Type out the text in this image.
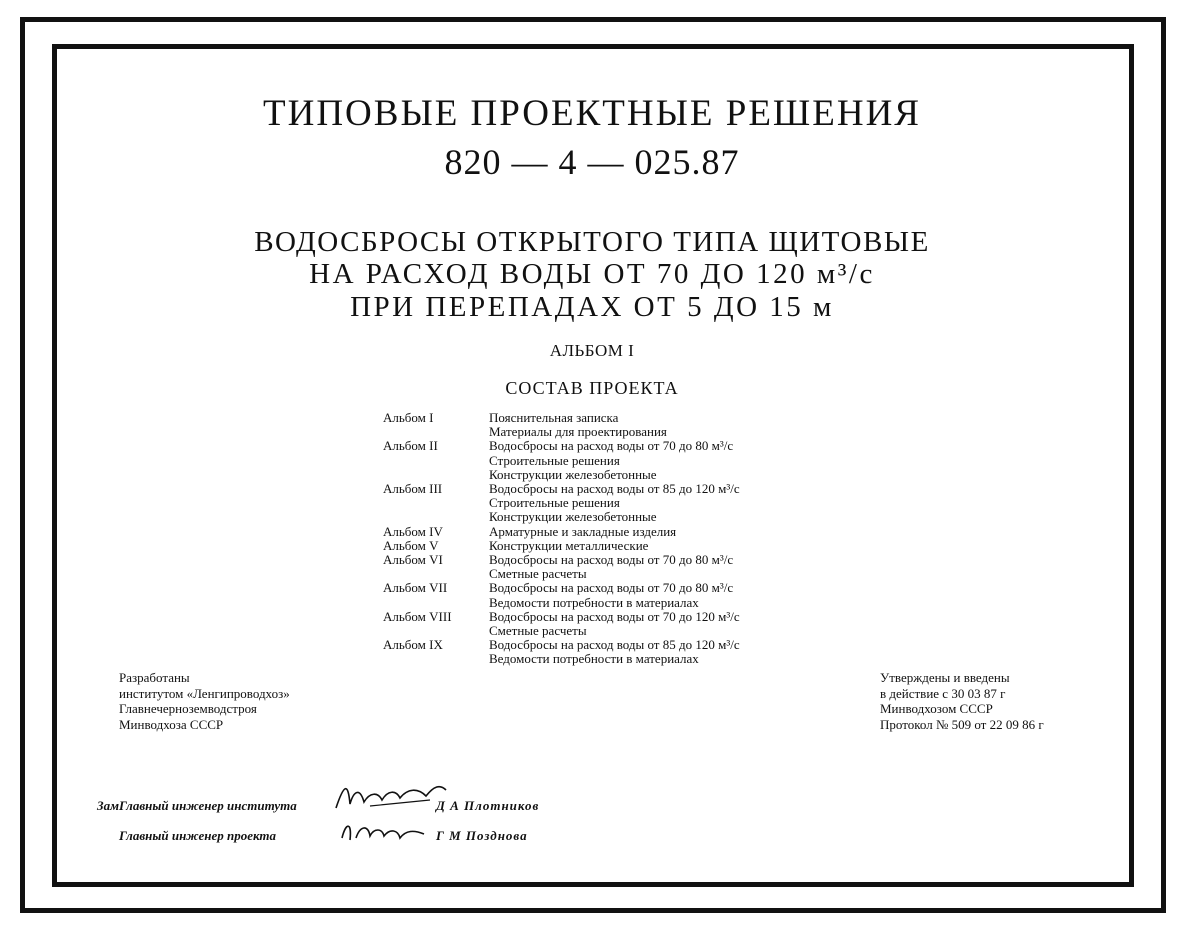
ТИПОВЫЕ ПРОЕКТНЫЕ РЕШЕНИЯ
820 — 4 — 025.87
ВОДОСБРОСЫ ОТКРЫТОГО ТИПА ЩИТОВЫЕ
НА РАСХОД ВОДЫ ОТ 70 ДО 120 м³/с
ПРИ ПЕРЕПАДАХ ОТ 5 ДО 15 м
АЛЬБОМ I
СОСТАВ ПРОЕКТА
Альбом I	Пояснительная записка
Материалы для проектирования
Альбом II	Водосбросы на расход воды от 70 до 80 м³/с
Строительные решения
Конструкции железобетонные
Альбом III	Водосбросы на расход воды от 85 до 120 м³/с
Строительные решения
Конструкции железобетонные
Альбом IV	Арматурные и закладные изделия
Альбом V	Конструкции металлические
Альбом VI	Водосбросы на расход воды от 70 до 80 м³/с
Сметные расчеты
Альбом VII	Водосбросы на расход воды от 70 до 80 м³/с
Ведомости потребности в материалах
Альбом VIII	Водосбросы на расход воды от 70 до 120 м³/с
Сметные расчеты
Альбом IX	Водосбросы на расход воды от 85 до 120 м³/с
Ведомости потребности в материалах
Разработаны
институтом «Ленгипроводхоз»
Главнечерноземводстроя
Минводхоза СССР
Утверждены и введены
в действие с 30 03 87 г
Минводхозом СССР
Протокол № 509 от 22 09 86 г
ЗамГлавный инженер института	Д А Плотников
Главный инженер проекта	Г М Позднова
